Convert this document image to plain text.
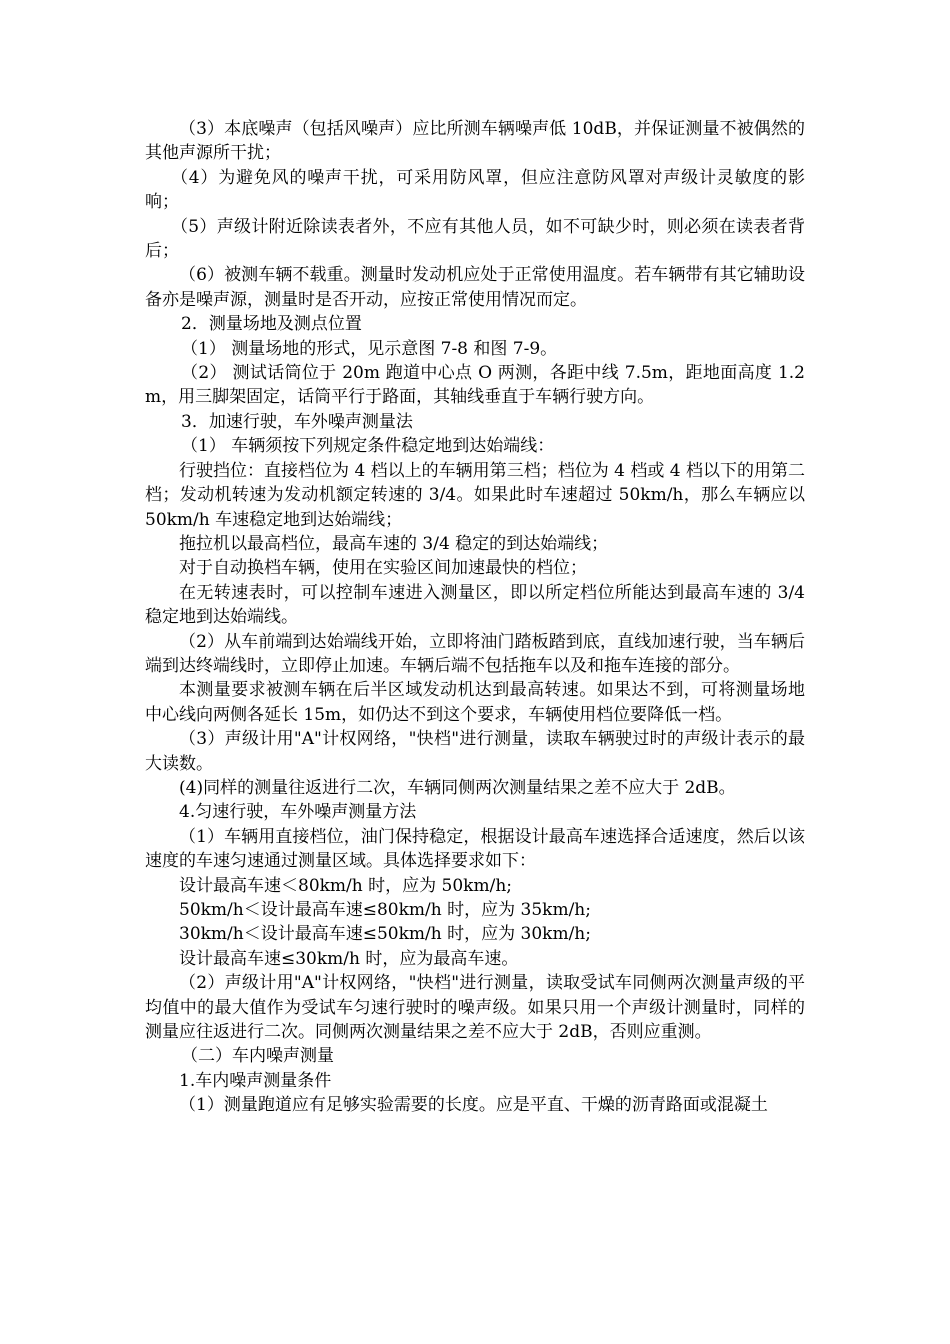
（3）本底噪声（包括风噪声）应比所测车辆噪声低 10dB，并保证测量不被偶然的其他声源所干扰；

（4）为避免风的噪声干扰，可采用防风罩，但应注意防风罩对声级计灵敏度的影响；

（5）声级计附近除读表者外，不应有其他人员，如不可缺少时，则必须在读表者背后；

（6）被测车辆不载重。测量时发动机应处于正常使用温度。若车辆带有其它辅助设备亦是噪声源，测量时是否开动，应按正常使用情况而定。

2．测量场地及测点位置

（1） 测量场地的形式，见示意图 7-8 和图 7-9。

（2） 测试话筒位于 20m 跑道中心点 O 两测，各距中线 7.5m，距地面高度 1.2m，用三脚架固定，话筒平行于路面，其轴线垂直于车辆行驶方向。

3．加速行驶，车外噪声测量法

（1） 车辆须按下列规定条件稳定地到达始端线：

行驶挡位：直接档位为 4 档以上的车辆用第三档；档位为 4 档或 4 档以下的用第二档；发动机转速为发动机额定转速的 3/4。如果此时车速超过 50km/h，那么车辆应以 50km/h 车速稳定地到达始端线；

拖拉机以最高档位，最高车速的 3/4 稳定的到达始端线；

对于自动换档车辆，使用在实验区间加速最快的档位；

在无转速表时，可以控制车速进入测量区，即以所定档位所能达到最高车速的 3/4 稳定地到达始端线。

（2）从车前端到达始端线开始，立即将油门踏板踏到底，直线加速行驶，当车辆后端到达终端线时，立即停止加速。车辆后端不包括拖车以及和拖车连接的部分。

本测量要求被测车辆在后半区域发动机达到最高转速。如果达不到，可将测量场地中心线向两侧各延长 15m，如仍达不到这个要求，车辆使用档位要降低一档。

（3）声级计用"A"计权网络，"快档"进行测量，读取车辆驶过时的声级计表示的最大读数。

(4)同样的测量往返进行二次，车辆同侧两次测量结果之差不应大于 2dB。

4.匀速行驶，车外噪声测量方法

（1）车辆用直接档位，油门保持稳定，根据设计最高车速选择合适速度，然后以该速度的车速匀速通过测量区域。具体选择要求如下：

设计最高车速＜80km/h 时，应为 50km/h;

50km/h＜设计最高车速≤80km/h 时，应为 35km/h;

30km/h＜设计最高车速≤50km/h 时，应为 30km/h;

设计最高车速≤30km/h 时，应为最高车速。

（2）声级计用"A"计权网络，"快档"进行测量，读取受试车同侧两次测量声级的平均值中的最大值作为受试车匀速行驶时的噪声级。如果只用一个声级计测量时，同样的测量应往返进行二次。同侧两次测量结果之差不应大于 2dB，否则应重测。

（二）车内噪声测量

1.车内噪声测量条件

（1）测量跑道应有足够实验需要的长度。应是平直、干燥的沥青路面或混凝土
